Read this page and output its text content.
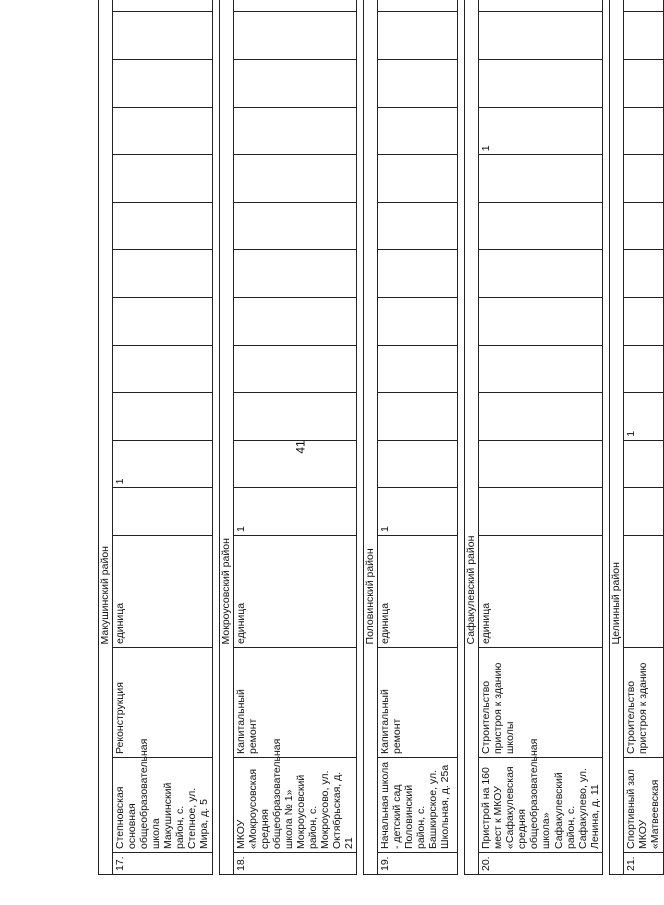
41
			Макушинский район												
17.	Степновская основная общеобразовательная школа Макушинский район, с. Степное, ул. Мира, д. 5	Реконструкция	единица		1										

			Мокроусовский район												
18.	МКОУ «Мокроусовская средняя общеобразовательная школа № 1» Мокроусовский район, с. Мокроусово, ул. Октябрьская, д. 21	Капитальный ремонт	единица	1											

			Половинский район												
19.	Начальная школа - детский сад Половинский район, с. Башкирское, ул. Школьная, д. 25а	Капитальный ремонт	единица	1											

			Сафакулевский район												
20.	Пристрой на 160 мест к МКОУ «Сафакулевская средняя общеобразовательная школа» Сафакулевский район, с. Сафакулево, ул. Ленина, д. 11	Строительство пристроя к зданию школы	единица									1			

			Целинный район												
21.	Спортивный зал МКОУ «Матвеевская	Строительство пристроя к зданию				1									
